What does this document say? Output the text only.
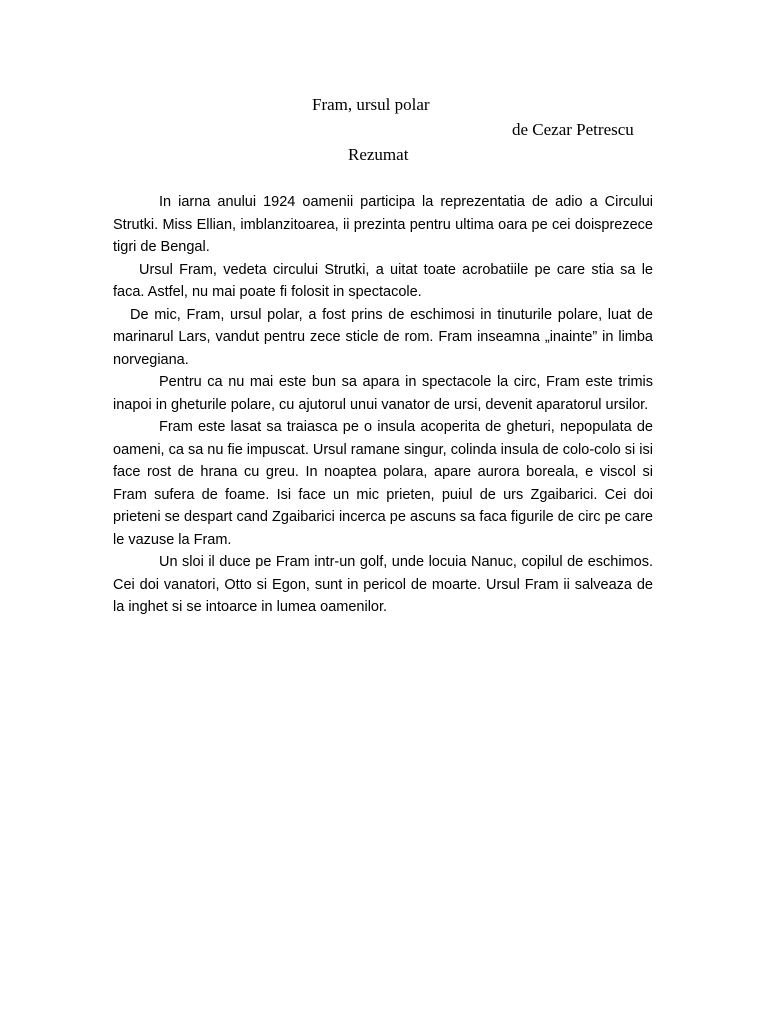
Fram, ursul polar
de Cezar Petrescu
Rezumat

In iarna anului 1924 oamenii participa la reprezentatia de adio a Circului Strutki. Miss Ellian, imblanzitoarea, ii prezinta pentru ultima oara pe cei doisprezece tigri de Bengal.

Ursul Fram, vedeta circului Strutki, a uitat toate acrobatiile pe care stia sa le faca. Astfel, nu mai poate fi folosit in spectacole.

De mic, Fram, ursul polar, a fost prins de eschimosi in tinuturile polare, luat de marinarul Lars, vandut pentru zece sticle de rom. Fram inseamna „inainte” in limba norvegiana.

Pentru ca nu mai este bun sa apara in spectacole la circ, Fram este trimis inapoi in gheturile polare, cu ajutorul unui vanator de ursi, devenit aparatorul ursilor.

Fram este lasat sa traiasca pe o insula acoperita de gheturi, nepopulata de oameni, ca sa nu fie impuscat. Ursul ramane singur, colinda insula de colo-colo si isi face rost de hrana cu greu. In noaptea polara, apare aurora boreala, e viscol si Fram sufera de foame. Isi face un mic prieten, puiul de urs Zgaibarici. Cei doi prieteni se despart cand Zgaibarici incerca pe ascuns sa faca figurile de circ pe care le vazuse la Fram.

Un sloi il duce pe Fram intr-un golf, unde locuia Nanuc, copilul de eschimos. Cei doi vanatori, Otto si Egon, sunt in pericol de moarte. Ursul Fram ii salveaza de la inghet si se intoarce in lumea oamenilor.
